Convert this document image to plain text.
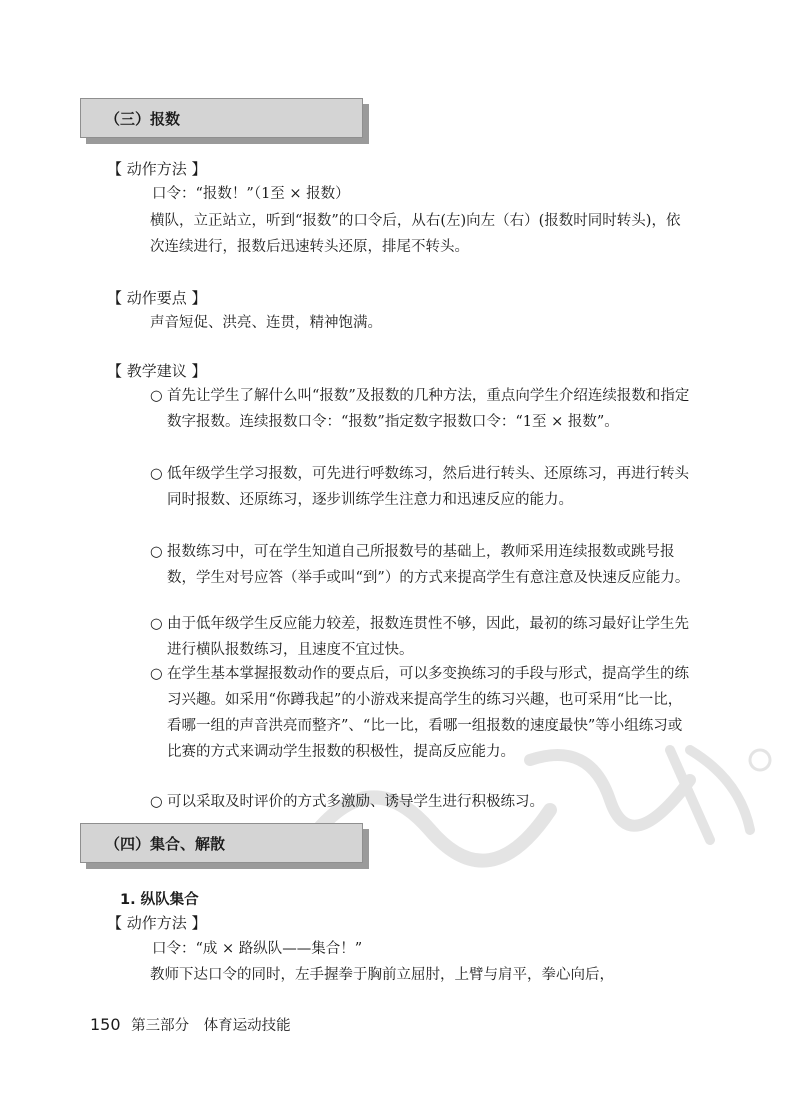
（三）报数
【 动作方法 】
口令：“报数！”（1至 × 报数）
横队，立正站立，听到“报数”的口令后，从右(左)向左（右）(报数时同时转头)，依次连续进行，报数后迅速转头还原，排尾不转头。
【 动作要点 】
声音短促、洪亮、连贯，精神饱满。
【 教学建议 】
○ 首先让学生了解什么叫“报数”及报数的几种方法，重点向学生介绍连续报数和指定数字报数。连续报数口令：“报数”指定数字报数口令：“1至 × 报数”。
○ 低年级学生学习报数，可先进行呼数练习，然后进行转头、还原练习，再进行转头同时报数、还原练习，逐步训练学生注意力和迅速反应的能力。
○ 报数练习中，可在学生知道自己所报数号的基础上，教师采用连续报数或跳号报数，学生对号应答（举手或叫“到”）的方式来提高学生有意注意及快速反应能力。
○ 由于低年级学生反应能力较差，报数连贯性不够，因此，最初的练习最好让学生先进行横队报数练习，且速度不宜过快。
○ 在学生基本掌握报数动作的要点后，可以多变换练习的手段与形式，提高学生的练习兴趣。如采用“你蹲我起”的小游戏来提高学生的练习兴趣，也可采用“比一比，看哪一组的声音洪亮而整齐”、“比一比，看哪一组报数的速度最快”等小组练习或比赛的方式来调动学生报数的积极性，提高反应能力。
○ 可以采取及时评价的方式多激励、诱导学生进行积极练习。
（四）集合、解散
1. 纵队集合
【 动作方法 】
口令：“成 × 路纵队——集合！”
教师下达口令的同时，左手握拳于胸前立屈肘，上臂与肩平，拳心向后，
150 第三部分　体育运动技能
